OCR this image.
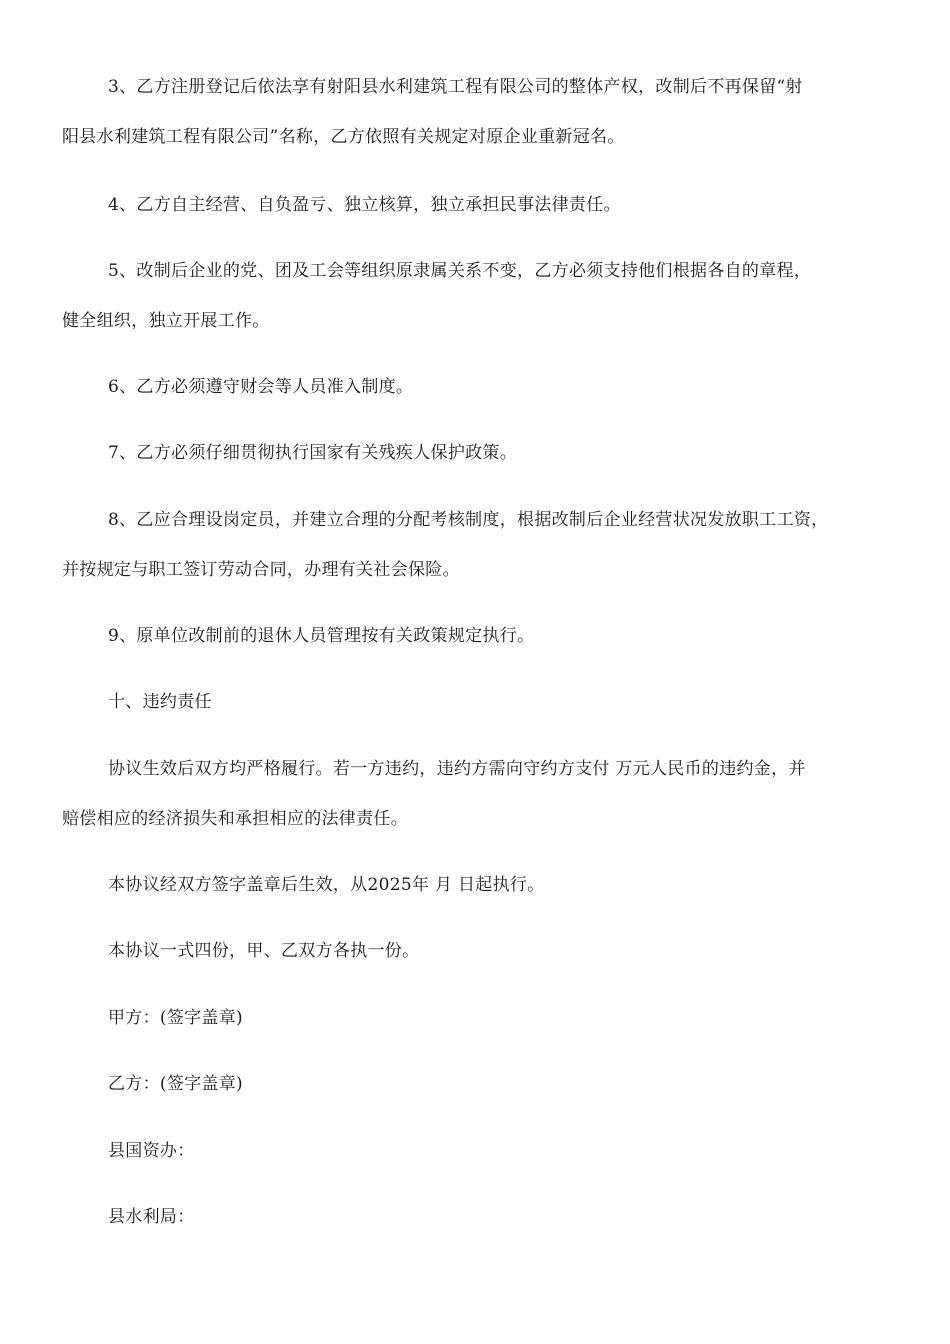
3、乙方注册登记后依法享有射阳县水利建筑工程有限公司的整体产权，改制后不再保留“射
阳县水利建筑工程有限公司”名称，乙方依照有关规定对原企业重新冠名。
4、乙方自主经营、自负盈亏、独立核算，独立承担民事法律责任。
5、改制后企业的党、团及工会等组织原隶属关系不变，乙方必须支持他们根据各自的章程，
健全组织，独立开展工作。
6、乙方必须遵守财会等人员准入制度。
7、乙方必须仔细贯彻执行国家有关残疾人保护政策。
8、乙应合理设岗定员，并建立合理的分配考核制度，根据改制后企业经营状况发放职工工资，
并按规定与职工签订劳动合同，办理有关社会保险。
9、原单位改制前的退休人员管理按有关政策规定执行。
十、违约责任
协议生效后双方均严格履行。若一方违约，违约方需向守约方支付 万元人民币的违约金，并
赔偿相应的经济损失和承担相应的法律责任。
本协议经双方签字盖章后生效，从2025年 月 日起执行。
本协议一式四份，甲、乙双方各执一份。
甲方：(签字盖章)
乙方：(签字盖章)
县国资办：
县水利局：
